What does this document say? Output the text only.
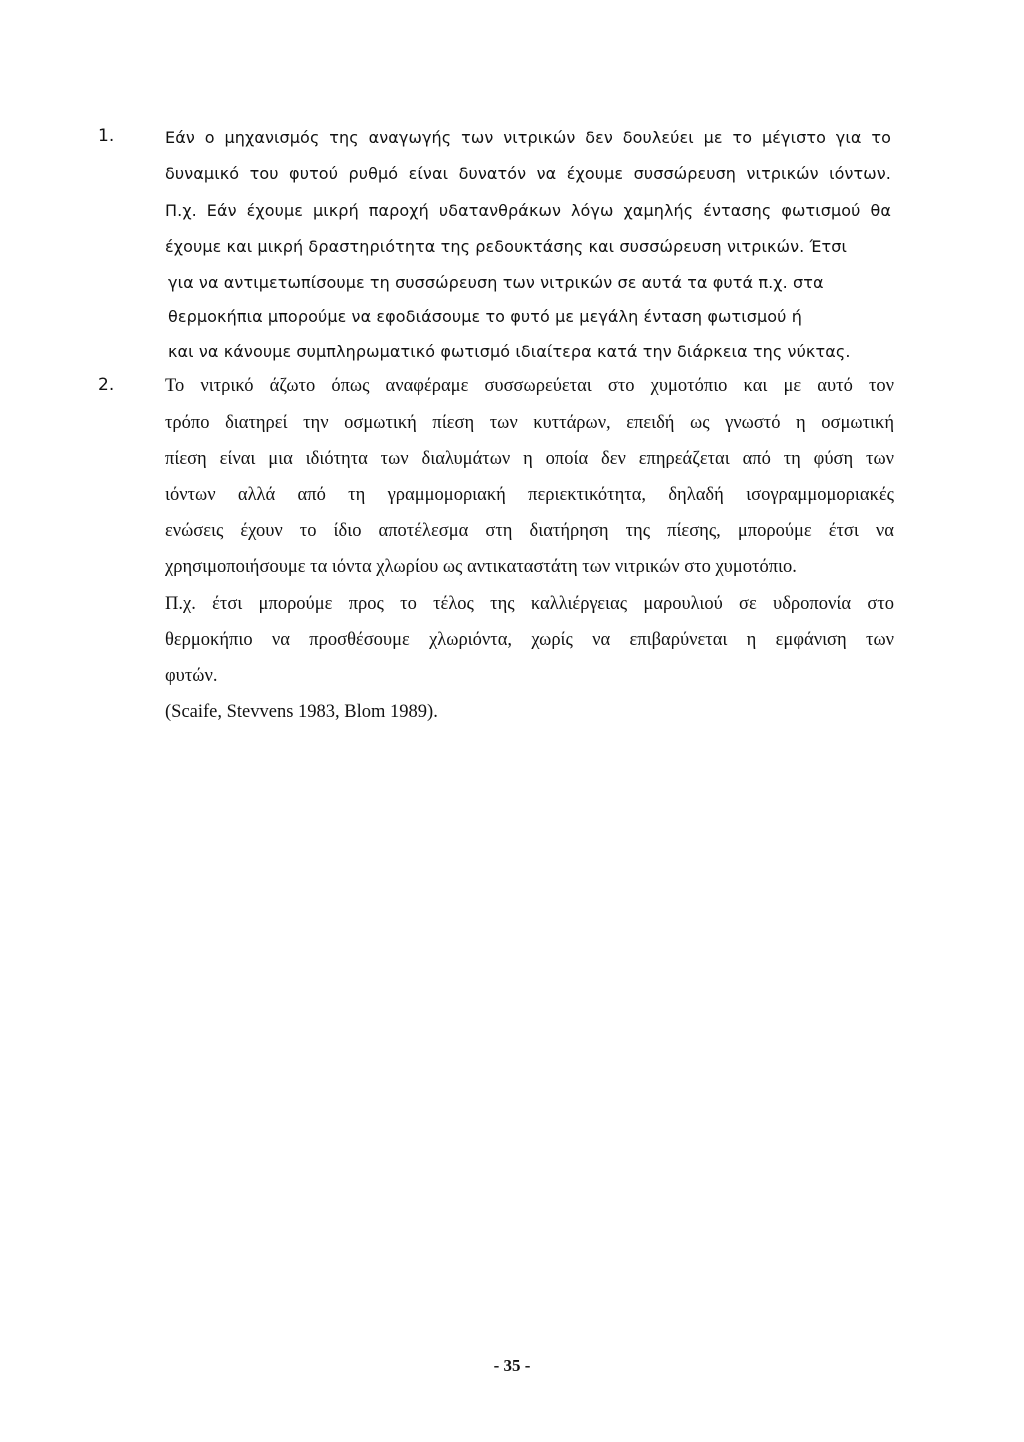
1.	Εάν ο μηχανισμός της αναγωγής των νιτρικών δεν δουλεύει με το μέγιστο για το
δυναμικό του φυτού ρυθμό είναι δυνατόν να έχουμε συσσώρευση νιτρικών ιόντων.
Π.χ. Εάν έχουμε μικρή παροχή υδατανθράκων λόγω χαμηλής έντασης φωτισμού θα
έχουμε και μικρή δραστηριότητα της ρεδουκτάσης και συσσώρευση νιτρικών. Έτσι
για να αντιμετωπίσουμε τη συσσώρευση των νιτρικών σε αυτά τα φυτά π.χ. στα
θερμοκήπια μπορούμε να εφοδιάσουμε το φυτό με μεγάλη ένταση φωτισμού ή
και να κάνουμε συμπληρωματικό φωτισμό ιδιαίτερα κατά την διάρκεια της νύκτας.
2.	Το νιτρικό άζωτο όπως αναφέραμε συσσωρεύεται στο χυμοτόπιο και με αυτό τον
τρόπο διατηρεί την οσμωτική πίεση των κυττάρων, επειδή ως γνωστό η οσμωτική
πίεση είναι μια ιδιότητα των διαλυμάτων η οποία δεν επηρεάζεται από τη φύση των
ιόντων αλλά από τη γραμμομοριακή περιεκτικότητα, δηλαδή ισογραμμομοριακές
ενώσεις έχουν το ίδιο αποτέλεσμα στη διατήρηση της πίεσης, μπορούμε έτσι να
χρησιμοποιήσουμε τα ιόντα χλωρίου ως αντικαταστάτη των νιτρικών στο χυμοτόπιο.
Π.χ. έτσι μπορούμε προς το τέλος της καλλιέργειας μαρουλιού σε υδροπονία στο
θερμοκήπιο να προσθέσουμε χλωριόντα, χωρίς να επιβαρύνεται η εμφάνιση των
φυτών.
(Scaife, Stevvens 1983, Blom 1989).
- 35 -
